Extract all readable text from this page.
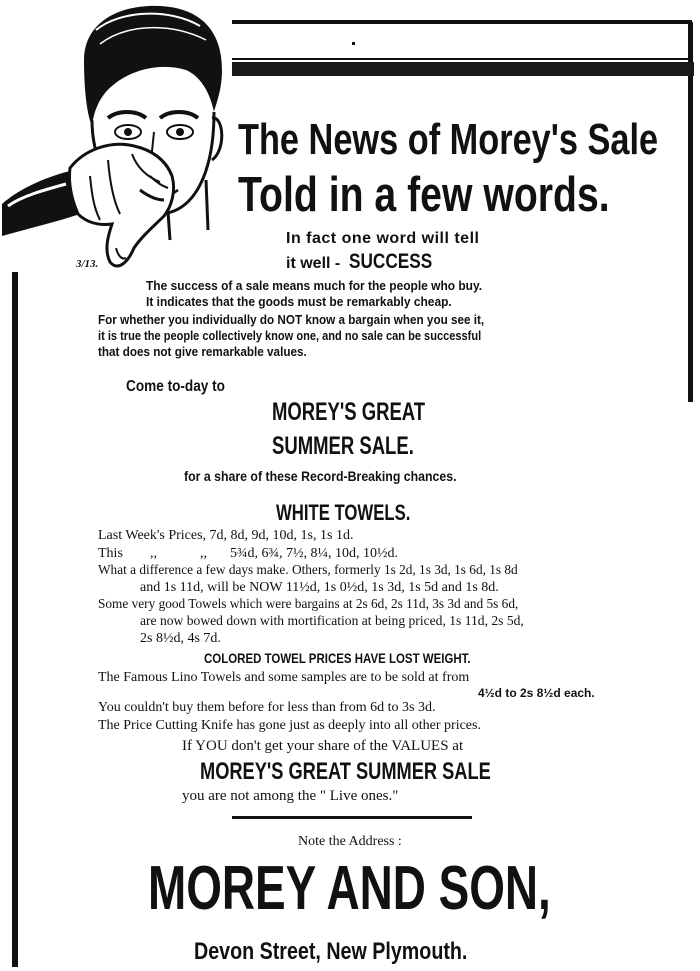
3/13.
The News of Morey's Sale
Told in a few words.
In fact one word will tell
it well - SUCCESS
The success of a sale means much for the people who buy.
It indicates that the goods must be remarkably cheap.
For whether you individually do NOT know a bargain when you see it,
it is true the people collectively know one, and no sale can be successful
that does not give remarkable values.
Come to-day to
MOREY'S GREAT
SUMMER SALE.
for a share of these Record-Breaking chances.
WHITE TOWELS.
Last Week's Prices, 7d, 8d, 9d, 10d, 1s, 1s 1d.
This ,,	,, 5¾d, 6¾, 7½, 8¼, 10d, 10½d.
What a difference a few days make. Others, formerly 1s 2d, 1s 3d, 1s 6d, 1s 8d
and 1s 11d, will be NOW 11½d, 1s 0½d, 1s 3d, 1s 5d and 1s 8d.
Some very good Towels which were bargains at 2s 6d, 2s 11d, 3s 3d and 5s 6d,
are now bowed down with mortification at being priced, 1s 11d, 2s 5d,
2s 8½d, 4s 7d.
COLORED TOWEL PRICES HAVE LOST WEIGHT.
The Famous Lino Towels and some samples are to be sold at from
4½d to 2s 8½d each.
You couldn't buy them before for less than from 6d to 3s 3d.
The Price Cutting Knife has gone just as deeply into all other prices.
If YOU don't get your share of the VALUES at
MOREY'S GREAT SUMMER SALE
you are not among the " Live ones."
Note the Address :
MOREY AND SON,
Devon Street, New Plymouth.
